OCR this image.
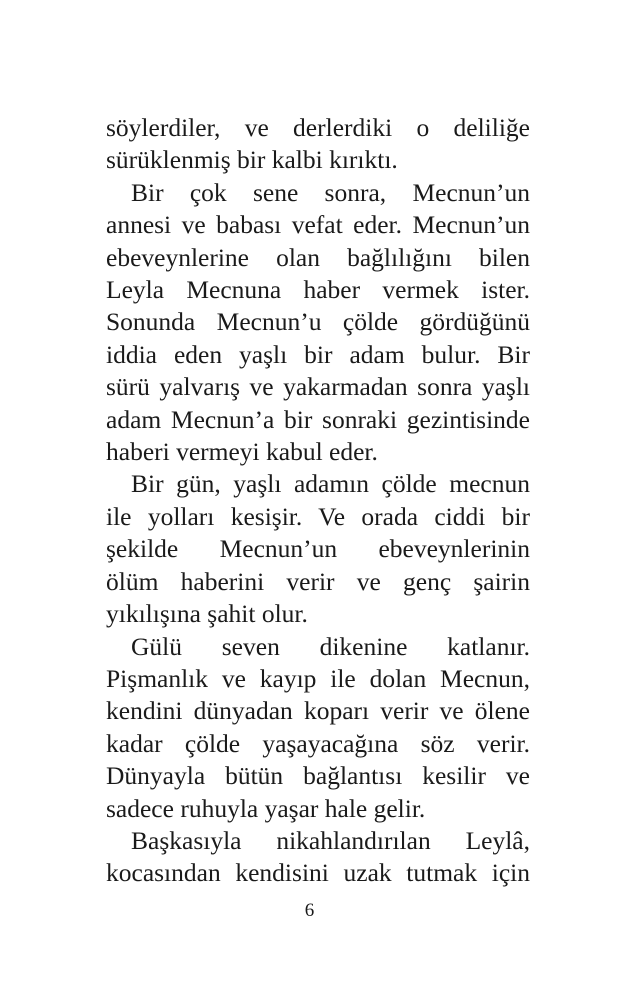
söylerdiler, ve derlerdiki o deliliğe
sürüklenmiş bir kalbi kırıktı.

Bir çok sene sonra, Mecnun’un
annesi ve babası vefat eder. Mecnun’un
ebeveynlerine olan bağlılığını bilen
Leyla Mecnuna haber vermek ister.
Sonunda Mecnun’u çölde gördüğünü
iddia eden yaşlı bir adam bulur. Bir
sürü yalvarış ve yakarmadan sonra yaşlı
adam Mecnun’a bir sonraki gezintisinde
haberi vermeyi kabul eder.

Bir gün, yaşlı adamın çölde mecnun
ile yolları kesişir. Ve orada ciddi bir
şekilde Mecnun’un ebeveynlerinin
ölüm haberini verir ve genç şairin
yıkılışına şahit olur.

Gülü seven dikenine katlanır.
Pişmanlık ve kayıp ile dolan Mecnun,
kendini dünyadan koparı verir ve ölene
kadar çölde yaşayacağına söz verir.
Dünyayla bütün bağlantısı kesilir ve
sadece ruhuyla yaşar hale gelir.

Başkasıyla nikahlandırılan Leylâ,
kocasından kendisini uzak tutmak için

6
